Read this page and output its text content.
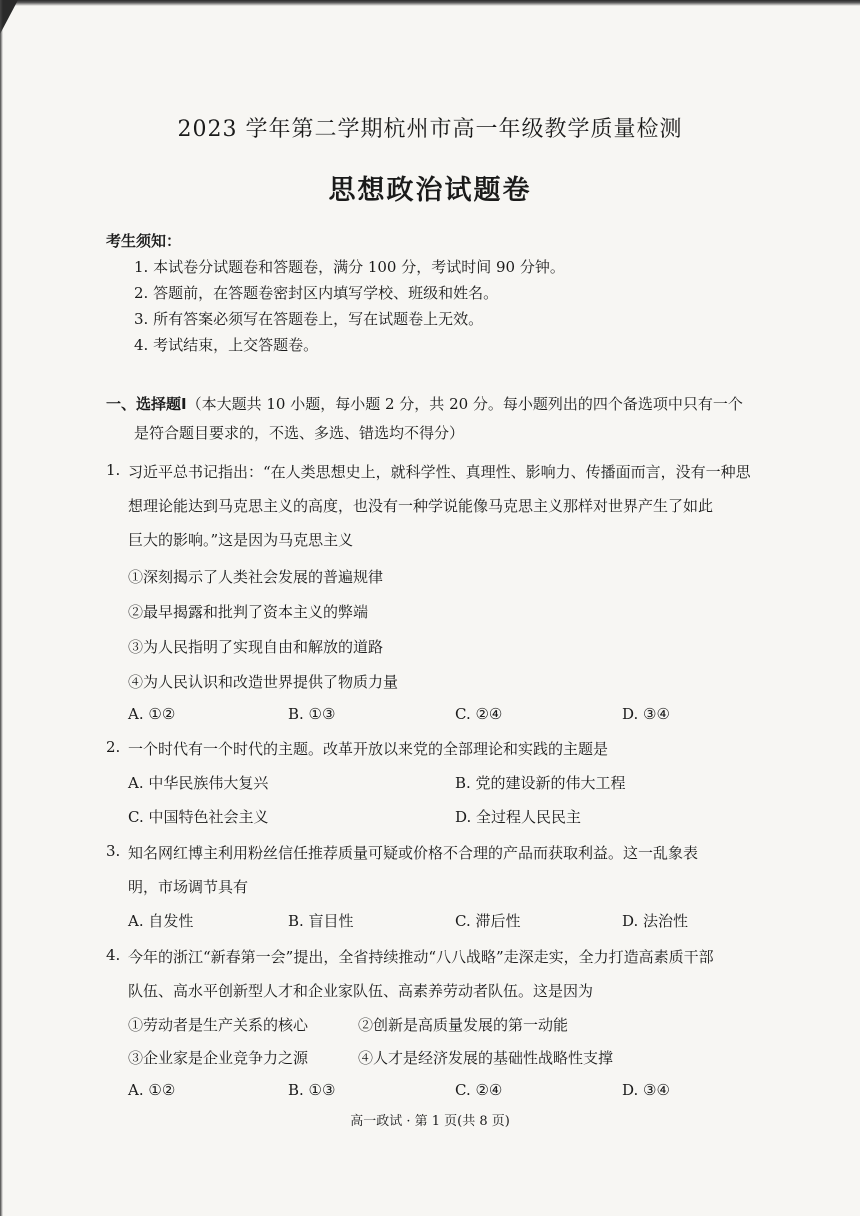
2023 学年第二学期杭州市高一年级教学质量检测
思想政治试题卷
考生须知：
1. 本试卷分试题卷和答题卷，满分 100 分，考试时间 90 分钟。
2. 答题前，在答题卷密封区内填写学校、班级和姓名。
3. 所有答案必须写在答题卷上，写在试题卷上无效。
4. 考试结束，上交答题卷。
一、选择题Ⅰ（本大题共 10 小题，每小题 2 分，共 20 分。每小题列出的四个备选项中只有一个
是符合题目要求的，不选、多选、错选均不得分）
1. 习近平总书记指出：“在人类思想史上，就科学性、真理性、影响力、传播面而言，没有一种思
想理论能达到马克思主义的高度，也没有一种学说能像马克思主义那样对世界产生了如此
巨大的影响。”这是因为马克思主义
①深刻揭示了人类社会发展的普遍规律
②最早揭露和批判了资本主义的弊端
③为人民指明了实现自由和解放的道路
④为人民认识和改造世界提供了物质力量
A. ①②	B. ①③	C. ②④	D. ③④
2. 一个时代有一个时代的主题。改革开放以来党的全部理论和实践的主题是
A. 中华民族伟大复兴	B. 党的建设新的伟大工程
C. 中国特色社会主义	D. 全过程人民民主
3. 知名网红博主利用粉丝信任推荐质量可疑或价格不合理的产品而获取利益。这一乱象表
明，市场调节具有
A. 自发性	B. 盲目性	C. 滞后性	D. 法治性
4. 今年的浙江“新春第一会”提出，全省持续推动“八八战略”走深走实，全力打造高素质干部
队伍、高水平创新型人才和企业家队伍、高素养劳动者队伍。这是因为
①劳动者是生产关系的核心	②创新是高质量发展的第一动能
③企业家是企业竞争力之源	④人才是经济发展的基础性战略性支撑
A. ①②	B. ①③	C. ②④	D. ③④
高一政试 · 第 1 页(共 8 页)
